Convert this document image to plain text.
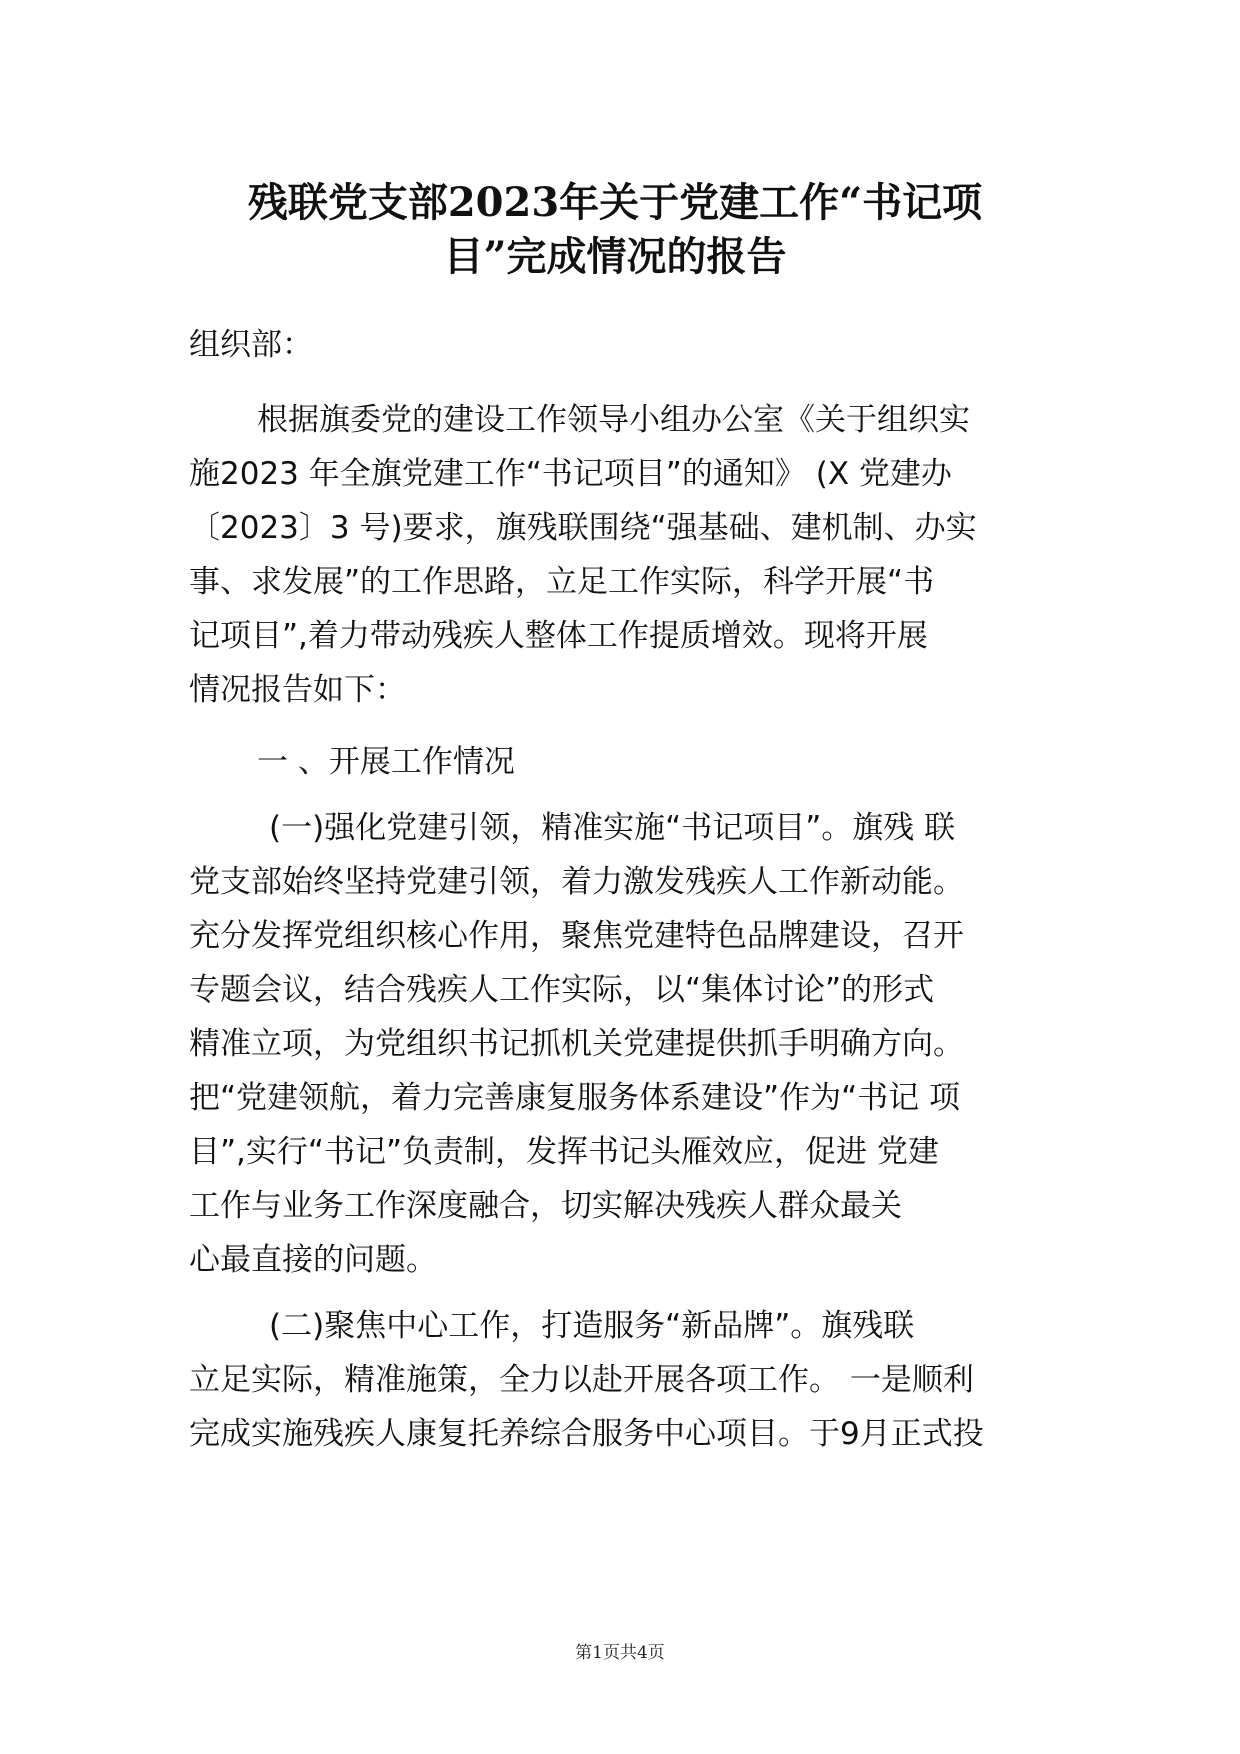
残联党支部2023年关于党建工作“书记项
目”完成情况的报告
组织部：
根据旗委党的建设工作领导小组办公室《关于组织实
施2023 年全旗党建工作“书记项目”的通知》 (X 党建办
〔2023〕3 号)要求，旗残联围绕“强基础、建机制、办实
事、求发展”的工作思路，立足工作实际，科学开展“书
记项目”,着力带动残疾人整体工作提质增效。现将开展
情况报告如下：
一 、开展工作情况
(一)强化党建引领，精准实施“书记项目”。旗残 联
党支部始终坚持党建引领，着力激发残疾人工作新动能。
充分发挥党组织核心作用，聚焦党建特色品牌建设，召开
专题会议，结合残疾人工作实际，以“集体讨论”的形式
精准立项，为党组织书记抓机关党建提供抓手明确方向。
把“党建领航，着力完善康复服务体系建设”作为“书记 项
目”,实行“书记”负责制，发挥书记头雁效应，促进 党建
工作与业务工作深度融合，切实解决残疾人群众最关
心最直接的问题。
(二)聚焦中心工作，打造服务“新品牌”。旗残联
立足实际，精准施策，全力以赴开展各项工作。 一是顺利
完成实施残疾人康复托养综合服务中心项目。于9月正式投
第1页共4页
